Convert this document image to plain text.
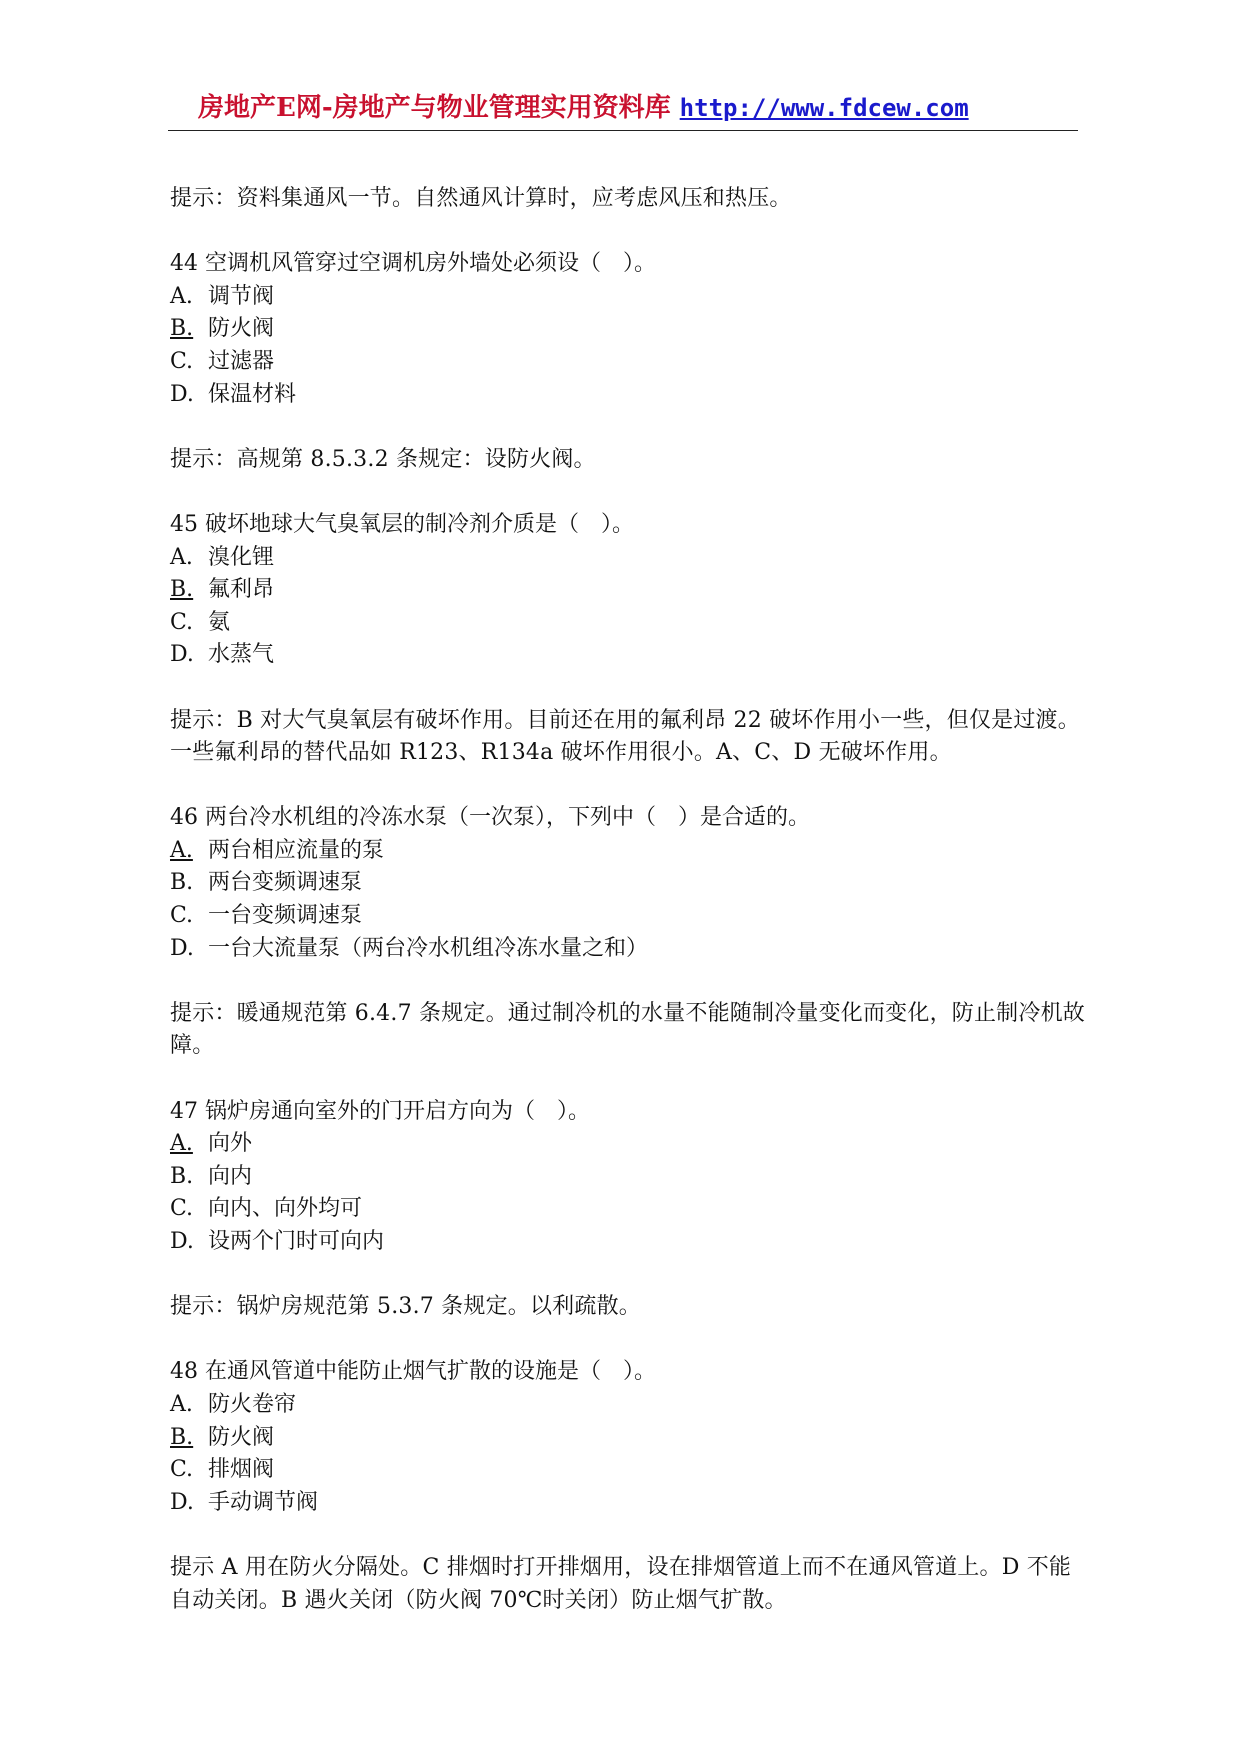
房地产E网-房地产与物业管理实用资料库 http://www.fdcew.com
提示：资料集通风一节。自然通风计算时，应考虑风压和热压。
44 空调机风管穿过空调机房外墙处必须设（　）。
A. 调节阀
B. 防火阀
C. 过滤器
D. 保温材料
提示：高规第 8.5.3.2 条规定：设防火阀。
45 破坏地球大气臭氧层的制冷剂介质是（　）。
A. 溴化锂
B. 氟利昂
C. 氨
D. 水蒸气
提示：B 对大气臭氧层有破坏作用。目前还在用的氟利昂 22 破坏作用小一些，但仅是过渡。一些氟利昂的替代品如 R123、R134a 破坏作用很小。A、C、D 无破坏作用。
46 两台冷水机组的冷冻水泵（一次泵），下列中（　）是合适的。
A. 两台相应流量的泵
B. 两台变频调速泵
C. 一台变频调速泵
D. 一台大流量泵（两台冷水机组冷冻水量之和）
提示：暖通规范第 6.4.7 条规定。通过制冷机的水量不能随制冷量变化而变化，防止制冷机故障。
47 锅炉房通向室外的门开启方向为（　）。
A. 向外
B. 向内
C. 向内、向外均可
D. 设两个门时可向内
提示：锅炉房规范第 5.3.7 条规定。以利疏散。
48 在通风管道中能防止烟气扩散的设施是（　）。
A. 防火卷帘
B. 防火阀
C. 排烟阀
D. 手动调节阀
提示 A 用在防火分隔处。C 排烟时打开排烟用，设在排烟管道上而不在通风管道上。D 不能自动关闭。B 遇火关闭（防火阀 70℃时关闭）防止烟气扩散。
